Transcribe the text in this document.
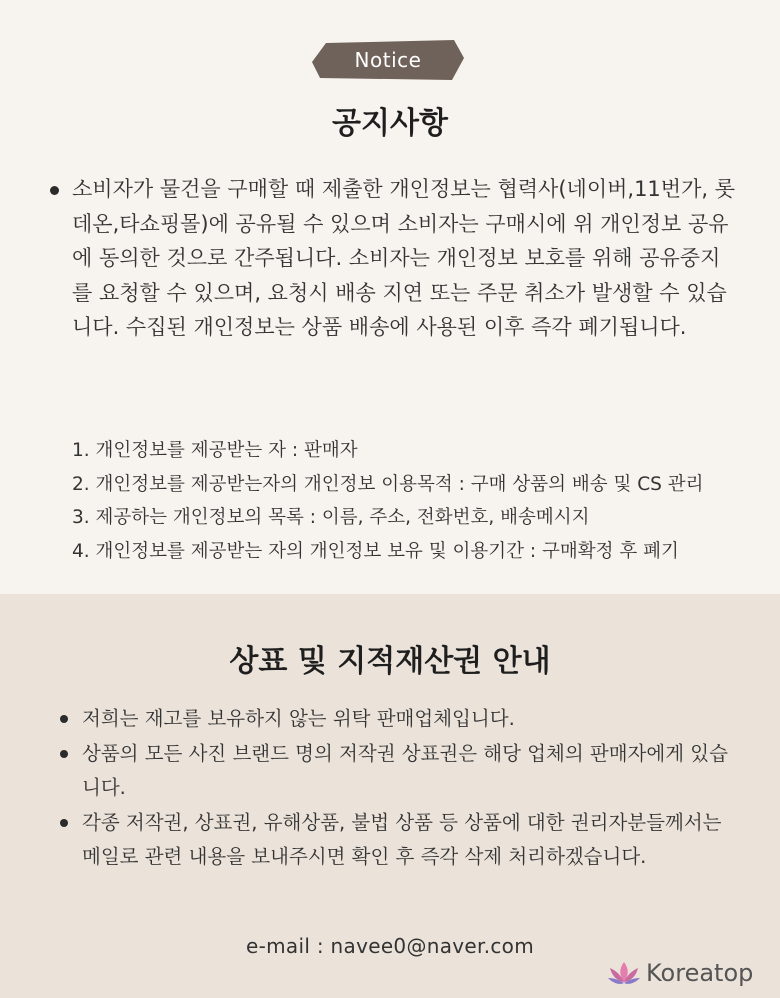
Notice
공지사항

소비자가 물건을 구매할 때 제출한 개인정보는 협력사(네이버,11번가, 롯데온,타쇼핑몰)에 공유될 수 있으며 소비자는 구매시에 위 개인정보 공유에 동의한 것으로 간주됩니다. 소비자는 개인정보 보호를 위해 공유중지를 요청할 수 있으며, 요청시 배송 지연 또는 주문 취소가 발생할 수 있습니다. 수집된 개인정보는 상품 배송에 사용된 이후 즉각 폐기됩니다.

1. 개인정보를 제공받는 자 : 판매자
2. 개인정보를 제공받는자의 개인정보 이용목적 : 구매 상품의 배송 및 CS 관리
3. 제공하는 개인정보의 목록 : 이름, 주소, 전화번호, 배송메시지
4. 개인정보를 제공받는 자의 개인정보 보유 및 이용기간 : 구매확정 후 폐기
상표 및 지적재산권 안내
저희는 재고를 보유하지 않는 위탁 판매업체입니다.
상품의 모든 사진 브랜드 명의 저작권 상표권은 해당 업체의 판매자에게 있습니다.
각종 저작권, 상표권, 유해상품, 불법 상품 등 상품에 대한 권리자분들께서는 메일로 관련 내용을 보내주시면 확인 후 즉각 삭제 처리하겠습니다.
e-mail : navee0@naver.com
Koreatop
